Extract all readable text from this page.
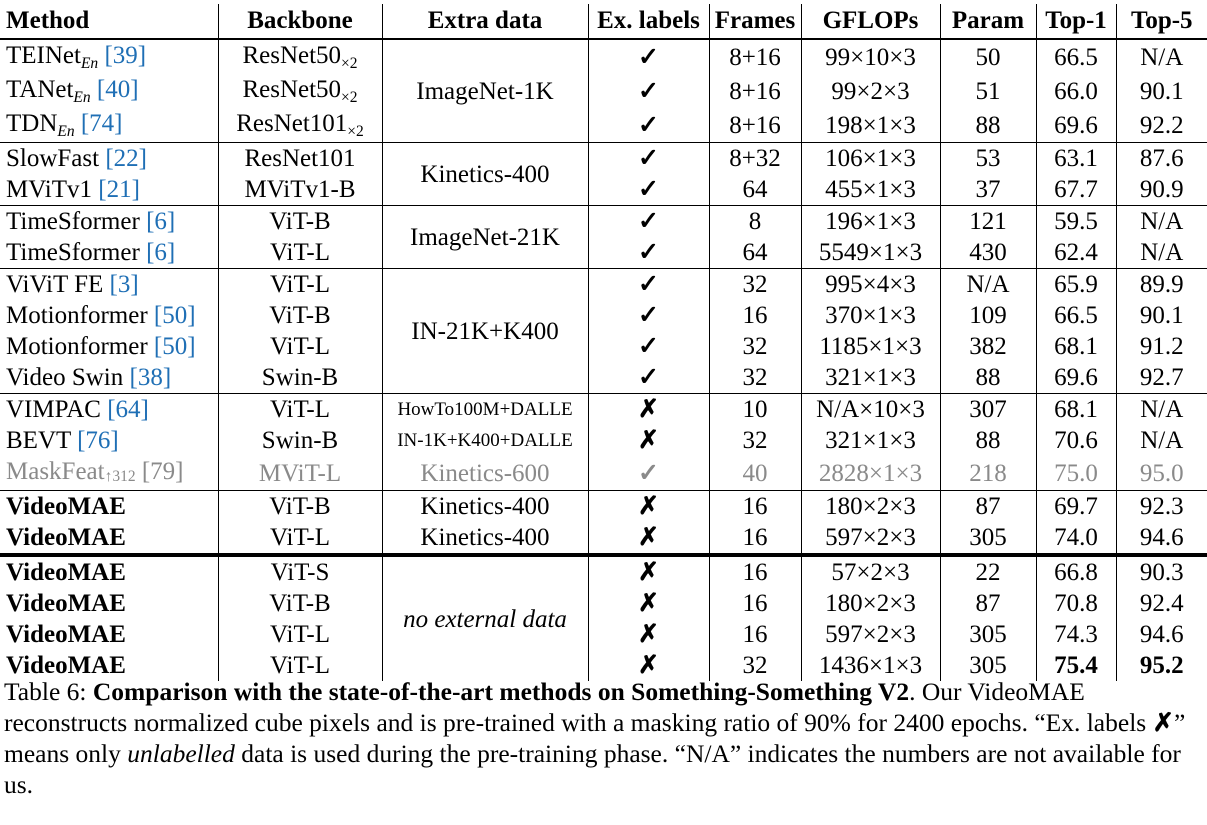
Method	Backbone	Extra data	Ex. labels	Frames	GFLOPs	Param	Top-1	Top-5
TEINet$_{En}$ [39]	$ResNet50_{\times 2}$	ImageNet-1K	✓	8+16	99×10×3	50	66.5	N/A
TANet$_{En}$ [40]	$ResNet50_{\times 2}$		✓	8+16	99×2×3	51	66.0	90.1
$TDN_{En}$ [74]	$ResNet101_{\times 2}$		✓	8+16	198×1×3	88	69.6	92.2
SlowFast [22]	ResNet101	Kinetics-400	✓	8+32	106×1×3	53	63.1	87.6
MViTv1 [21]	MViTv1-B		✓	64	455×1×3	37	67.7	90.9
TimeSformer [6]	ViT-B	ImageNet-21K	✓	8	196×1×3	121	59.5	N/A
TimeSformer [6]	ViT-L		✓	64	5549×1×3	430	62.4	N/A
ViViT FE [3]	ViT-L	IN-21K+K400	✓	32	995×4×3	N/A	65.9	89.9
Motionformer [50]	ViT-B		✓	16	370×1×3	109	66.5	90.1
Motionformer [50]	ViT-L		✓	32	1185×1×3	382	68.1	91.2
Video Swin [38]	Swin-B		✓	32	321×1×3	88	69.6	92.7
VIMPAC [64]	ViT-L	HowTo100M+DALLE	✗	10	N/A×10×3	307	68.1	N/A
BEVT [76]	Swin-B	IN-1K+K400+DALLE	✗	32	321×1×3	88	70.6	N/A
MaskFeat↑312 [79]	MViT-L	Kinetics-600	✓	40	2828×1×3	218	75.0	95.0
VideoMAE	ViT-B	Kinetics-400	✗	16	180×2×3	87	69.7	92.3
VideoMAE	ViT-L	Kinetics-400	✗	16	597×2×3	305	74.0	94.6
VideoMAE	ViT-S	no external data	✗	16	57×2×3	22	66.8	90.3
VideoMAE	ViT-B		✗	16	180×2×3	87	70.8	92.4
VideoMAE	ViT-L		✗	16	597×2×3	305	74.3	94.6
VideoMAE	ViT-L		✗	32	1436×1×3	305	75.4	95.2
Table 6: Comparison with the state-of-the-art methods on Something-Something V2. Our VideoMAE reconstructs normalized cube pixels and is pre-trained with a masking ratio of 90% for 2400 epochs. “Ex. labels ✗” means only unlabelled data is used during the pre-training phase. “N/A” indicates the numbers are not available for us.
